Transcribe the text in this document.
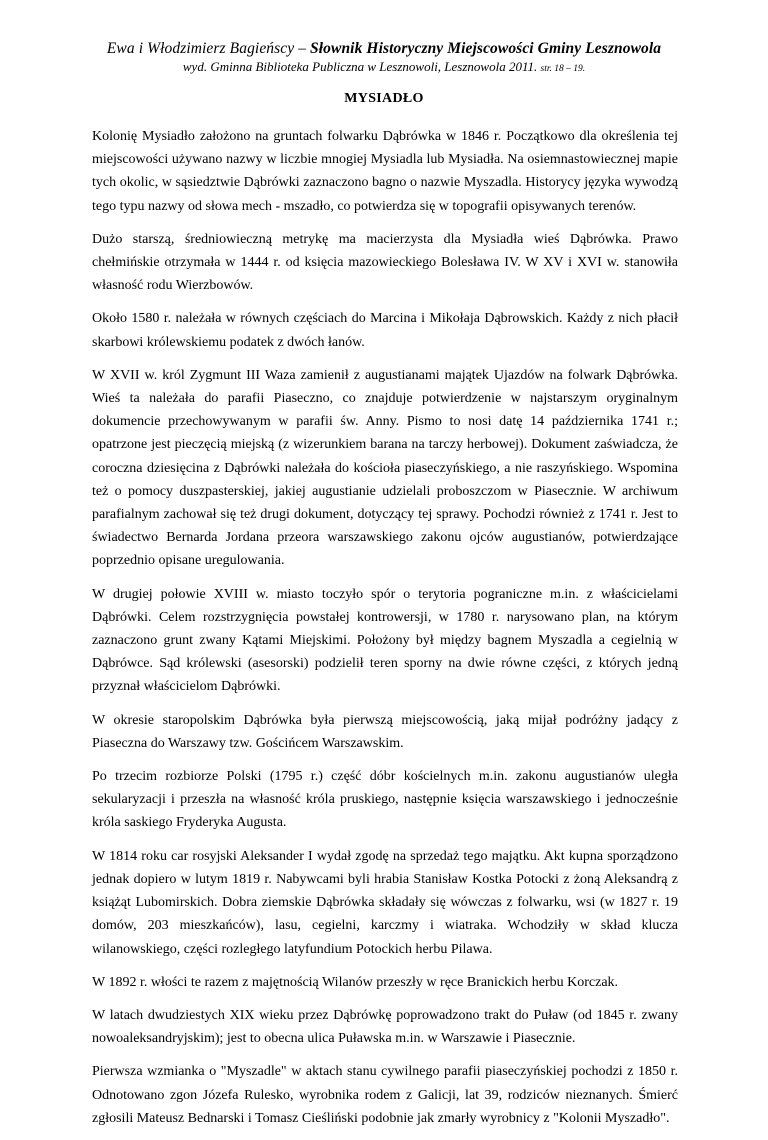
Ewa i Włodzimierz Bagieńscy – Słownik Historyczny Miejscowości Gminy Lesznowola
wyd. Gminna Biblioteka Publiczna w Lesznowoli, Lesznowola 2011. str. 18 – 19.
MYSIADŁO

Kolonię Mysiadło założono na gruntach folwarku Dąbrówka w 1846 r. Początkowo dla określenia tej miejscowości używano nazwy w liczbie mnogiej Mysiadla lub Mysiadła. Na osiemnastowiecznej mapie tych okolic, w sąsiedztwie Dąbrówki zaznaczono bagno o nazwie Myszadla. Historycy języka wywodzą tego typu nazwy od słowa mech - mszadło, co potwierdza się w topografii opisywanych terenów.

Dużo starszą, średniowieczną metrykę ma macierzysta dla Mysiadła wieś Dąbrówka. Prawo chełmińskie otrzymała w 1444 r. od księcia mazowieckiego Bolesława IV. W XV i XVI w. stanowiła własność rodu Wierzbowów.

Około 1580 r. należała w równych częściach do Marcina i Mikołaja Dąbrowskich. Każdy z nich płacił skarbowi królewskiemu podatek z dwóch łanów.

W XVII w. król Zygmunt III Waza zamienił z augustianami majątek Ujazdów na folwark Dąbrówka. Wieś ta należała do parafii Piaseczno, co znajduje potwierdzenie w najstarszym oryginalnym dokumencie przechowywanym w parafii św. Anny. Pismo to nosi datę 14 października 1741 r.; opatrzone jest pieczęcią miejską (z wizerunkiem barana na tarczy herbowej). Dokument zaświadcza, że coroczna dziesięcina z Dąbrówki należała do kościoła piaseczyńskiego, a nie raszyńskiego. Wspomina też o pomocy duszpasterskiej, jakiej augustianie udzielali proboszczom w Piasecznie. W archiwum parafialnym zachował się też drugi dokument, dotyczący tej sprawy. Pochodzi również z 1741 r. Jest to świadectwo Bernarda Jordana przeora warszawskiego zakonu ojców augustianów, potwierdzające poprzednio opisane uregulowania.

W drugiej połowie XVIII w. miasto toczyło spór o terytoria pograniczne m.in. z właścicielami Dąbrówki. Celem rozstrzygnięcia powstałej kontrowersji, w 1780 r. narysowano plan, na którym zaznaczono grunt zwany Kątami Miejskimi. Położony był między bagnem Myszadla a cegielnią w Dąbrówce. Sąd królewski (asesorski) podzielił teren sporny na dwie równe części, z których jedną przyznał właścicielom Dąbrówki.

W okresie staropolskim Dąbrówka była pierwszą miejscowością, jaką mijał podróżny jadący z Piaseczna do Warszawy tzw. Gościńcem Warszawskim.

Po trzecim rozbiorze Polski (1795 r.) część dóbr kościelnych m.in. zakonu augustianów uległa sekularyzacji i przeszła na własność króla pruskiego, następnie księcia warszawskiego i jednocześnie króla saskiego Fryderyka Augusta.

W 1814 roku car rosyjski Aleksander I wydał zgodę na sprzedaż tego majątku. Akt kupna sporządzono jednak dopiero w lutym 1819 r. Nabywcami byli hrabia Stanisław Kostka Potocki z żoną Aleksandrą z książąt Lubomirskich. Dobra ziemskie Dąbrówka składały się wówczas z folwarku, wsi (w 1827 r. 19 domów, 203 mieszkańców), lasu, cegielni, karczmy i wiatraka. Wchodziły w skład klucza wilanowskiego, części rozległego latyfundium Potockich herbu Pilawa.

W 1892 r. włości te razem z majętnością Wilanów przeszły w ręce Branickich herbu Korczak.

W latach dwudziestych XIX wieku przez Dąbrówkę poprowadzono trakt do Puław (od 1845 r. zwany nowoaleksandryjskim); jest to obecna ulica Puławska m.in. w Warszawie i Piasecznie.

Pierwsza wzmianka o "Myszadle" w aktach stanu cywilnego parafii piaseczyńskiej pochodzi z 1850 r. Odnotowano zgon Józefa Rulesko, wyrobnika rodem z Galicji, lat 39, rodziców nieznanych. Śmierć zgłosili Mateusz Bednarski i Tomasz Cieśliński podobnie jak zmarły wyrobnicy z "Kolonii Myszadło".
